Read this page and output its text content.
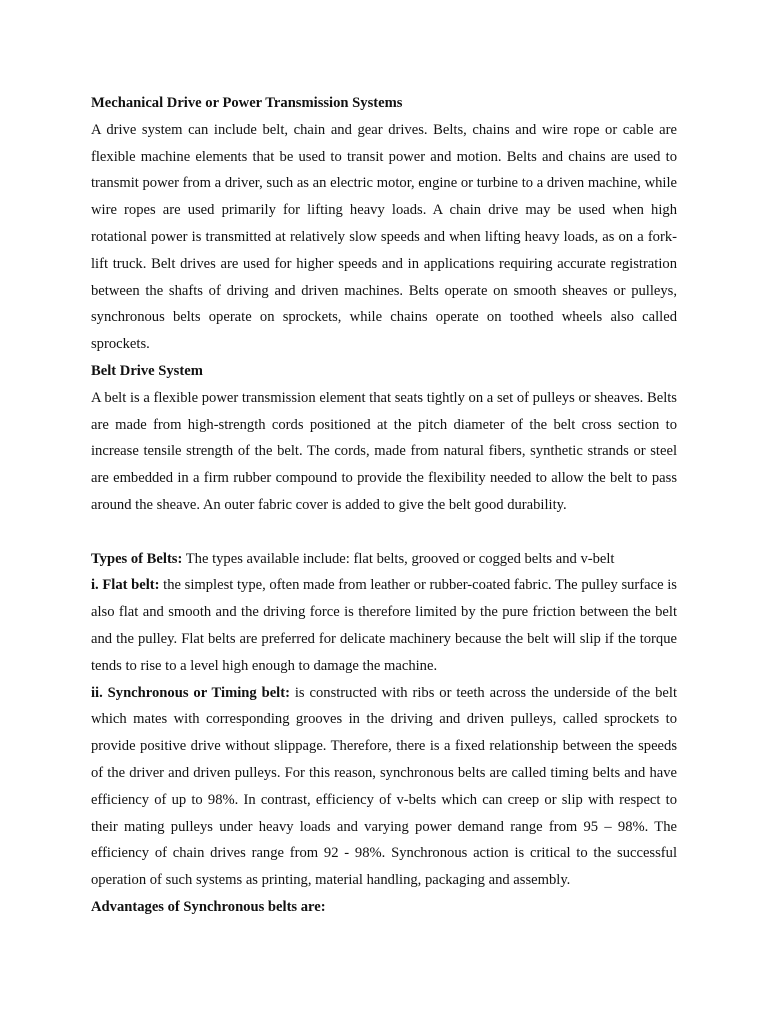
Mechanical Drive or Power Transmission Systems

A drive system can include belt, chain and gear drives. Belts, chains and wire rope or cable are flexible machine elements that be used to transit power and motion. Belts and chains are used to transmit power from a driver, such as an electric motor, engine or turbine to a driven machine, while wire ropes are used primarily for lifting heavy loads. A chain drive may be used when high rotational power is transmitted at relatively slow speeds and when lifting heavy loads, as on a fork-lift truck. Belt drives are used for higher speeds and in applications requiring accurate registration between the shafts of driving and driven machines. Belts operate on smooth sheaves or pulleys, synchronous belts operate on sprockets, while chains operate on toothed wheels also called sprockets.

Belt Drive System

A belt is a flexible power transmission element that seats tightly on a set of pulleys or sheaves. Belts are made from high-strength cords positioned at the pitch diameter of the belt cross section to increase tensile strength of the belt. The cords, made from natural fibers, synthetic strands or steel are embedded in a firm rubber compound to provide the flexibility needed to allow the belt to pass around the sheave. An outer fabric cover is added to give the belt good durability.

Types of Belts: The types available include: flat belts, grooved or cogged belts and v-belt

i. Flat belt: the simplest type, often made from leather or rubber-coated fabric. The pulley surface is also flat and smooth and the driving force is therefore limited by the pure friction between the belt and the pulley. Flat belts are preferred for delicate machinery because the belt will slip if the torque tends to rise to a level high enough to damage the machine.

ii. Synchronous or Timing belt: is constructed with ribs or teeth across the underside of the belt which mates with corresponding grooves in the driving and driven pulleys, called sprockets to provide positive drive without slippage. Therefore, there is a fixed relationship between the speeds of the driver and driven pulleys. For this reason, synchronous belts are called timing belts and have efficiency of up to 98%. In contrast, efficiency of v-belts which can creep or slip with respect to their mating pulleys under heavy loads and varying power demand range from 95 – 98%. The efficiency of chain drives range from 92 - 98%. Synchronous action is critical to the successful operation of such systems as printing, material handling, packaging and assembly.

Advantages of Synchronous belts are:
